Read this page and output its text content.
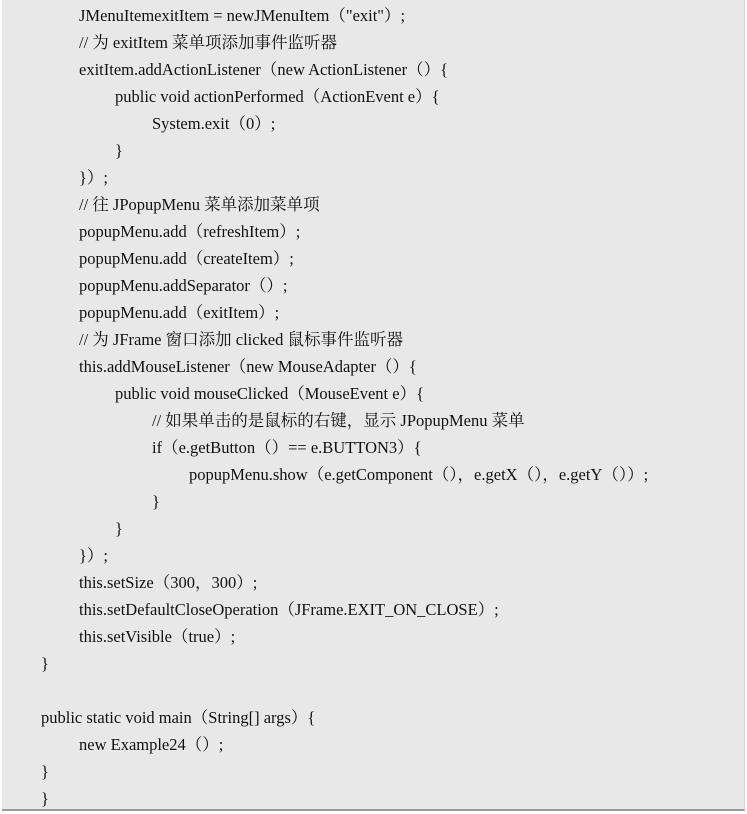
JMenuItemexitItem = newJMenuItem（"exit"）;
// 为 exitItem 菜单项添加事件监听器
exitItem.addActionListener（new ActionListener（）{
public void actionPerformed（ActionEvent e）{
System.exit（0）;
}
}）;
// 往 JPopupMenu 菜单添加菜单项
popupMenu.add（refreshItem）;
popupMenu.add（createItem）;
popupMenu.addSeparator（）;
popupMenu.add（exitItem）;
// 为 JFrame 窗口添加 clicked 鼠标事件监听器
this.addMouseListener（new MouseAdapter（）{
public void mouseClicked（MouseEvent e）{
// 如果单击的是鼠标的右键，显示 JPopupMenu 菜单
if（e.getButton（）== e.BUTTON3）{
popupMenu.show（e.getComponent（），e.getX（），e.getY（））;
}
}
}）;
this.setSize（300，300）;
this.setDefaultCloseOperation（JFrame.EXIT_ON_CLOSE）;
this.setVisible（true）;
}
public static void main（String[] args）{
new Example24（）;
}
}
